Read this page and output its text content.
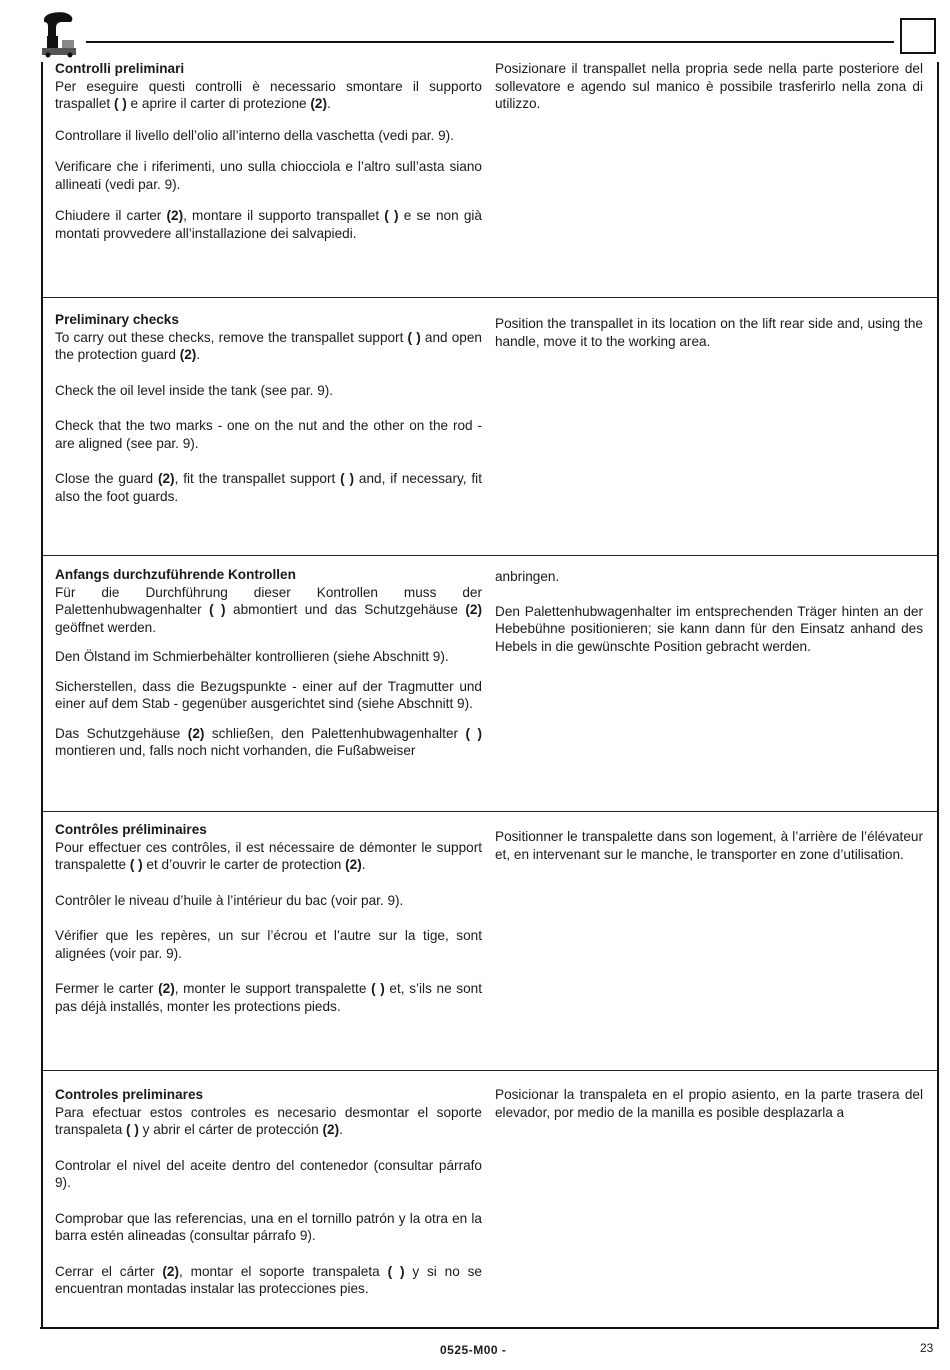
Controlli preliminari

Per eseguire questi controlli è necessario smontare il supporto traspallet ( ) e aprire il carter di protezione (2).

Controllare il livello dell’olio all’interno della vaschetta (vedi par. 9).

Verificare che i riferimenti, uno sulla chiocciola e l’altro sull’asta siano allineati (vedi par. 9).

Chiudere il carter (2), montare il supporto transpallet ( ) e se non già montati provvedere all’installazione dei salvapiedi.

Posizionare il transpallet nella propria sede nella parte posteriore del sollevatore e agendo sul manico è possibile trasferirlo nella zona di utilizzo.

Preliminary checks

To carry out these checks, remove the transpallet support ( ) and open the protection guard (2).

Check the oil level inside the tank (see par. 9).

Check that the two marks - one on the nut and the other on the rod - are aligned (see par. 9).

Close the guard (2), fit the transpallet support ( ) and, if necessary, fit also the foot guards.

Position the transpallet in its location on the lift rear side and, using the handle, move it to the working area.

Anfangs durchzuführende Kontrollen

Für die Durchführung dieser Kontrollen muss der Palettenhubwagenhalter ( ) abmontiert und das Schutzgehäuse (2) geöffnet werden.

Den Ölstand im Schmierbehälter kontrollieren (siehe Abschnitt 9).

Sicherstellen, dass die Bezugspunkte - einer auf der Tragmutter und einer auf dem Stab - gegenüber ausgerichtet sind (siehe Abschnitt 9).

Das Schutzgehäuse (2) schließen, den Palettenhubwagenhalter ( ) montieren und, falls noch nicht vorhanden, die Fußabweiser

anbringen.

Den Palettenhubwagenhalter im entsprechenden Träger hinten an der Hebebühne positionieren; sie kann dann für den Einsatz anhand des Hebels in die gewünschte Position gebracht werden.

Contrôles préliminaires

Pour effectuer ces contrôles, il est nécessaire de démonter le support transpalette ( ) et d’ouvrir le carter de protection (2).

Contrôler le niveau d’huile à l’intérieur du bac (voir par. 9).

Vérifier que les repères, un sur l’écrou et l’autre sur la tige, sont alignées (voir par. 9).

Fermer le carter (2), monter le support transpalette ( ) et, s’ils ne sont pas déjà installés, monter les protections pieds.

Positionner le transpalette dans son logement, à l’arrière de l’élévateur et, en intervenant sur le manche, le transporter en zone d’utilisation.

Controles preliminares

Para efectuar estos controles es necesario desmontar el soporte transpaleta ( ) y abrir el cárter de protección (2).

Controlar el nivel del aceite dentro del contenedor (consultar párrafo 9).

Comprobar que las referencias, una en el tornillo patrón y la otra en la barra estén alineadas (consultar párrafo 9).

Cerrar el cárter (2), montar el soporte transpaleta ( ) y si no se encuentran montadas instalar las protecciones pies.

Posicionar la transpaleta en el propio asiento, en la parte trasera del elevador, por medio de la manilla es posible desplazarla a

0525-M00 -	23
